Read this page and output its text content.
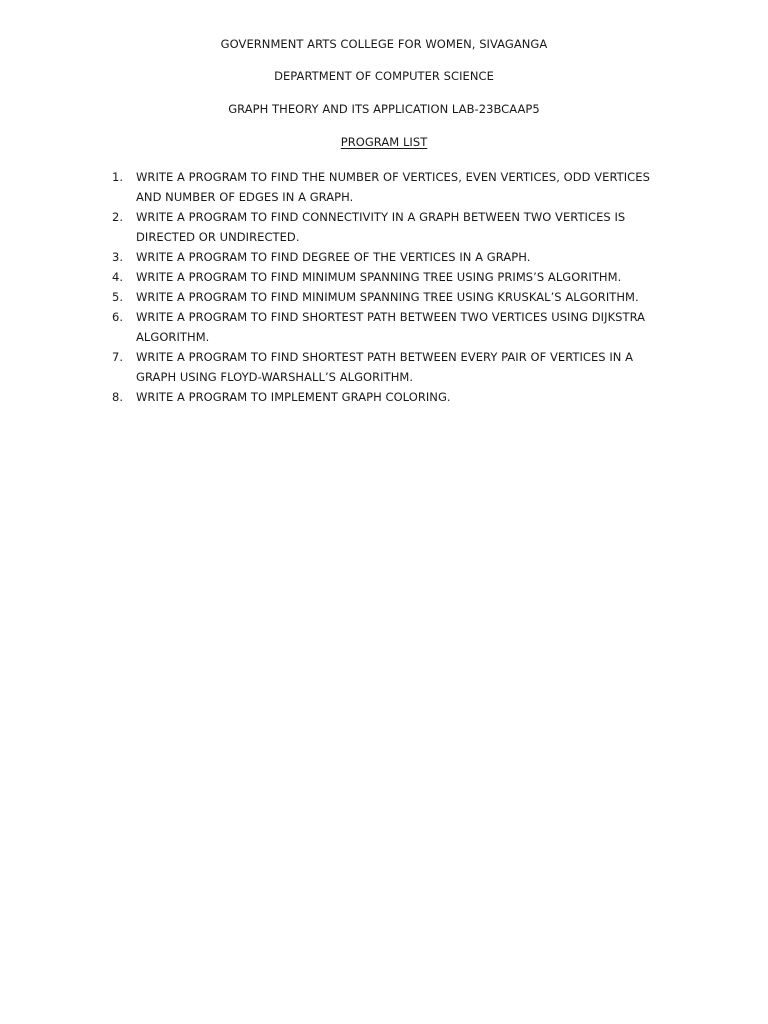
GOVERNMENT ARTS COLLEGE FOR WOMEN, SIVAGANGA
DEPARTMENT OF COMPUTER SCIENCE
GRAPH THEORY AND ITS APPLICATION LAB-23BCAAP5
PROGRAM LIST
1. WRITE A PROGRAM TO FIND THE NUMBER OF VERTICES, EVEN VERTICES, ODD VERTICES AND NUMBER OF EDGES IN A GRAPH.
2. WRITE A PROGRAM TO FIND CONNECTIVITY IN A GRAPH BETWEEN TWO VERTICES IS DIRECTED OR UNDIRECTED.
3. WRITE A PROGRAM TO FIND DEGREE OF THE VERTICES IN A GRAPH.
4. WRITE A PROGRAM TO FIND MINIMUM SPANNING TREE USING PRIMS’S ALGORITHM.
5. WRITE A PROGRAM TO FIND MINIMUM SPANNING TREE USING KRUSKAL’S ALGORITHM.
6. WRITE A PROGRAM TO FIND SHORTEST PATH BETWEEN TWO VERTICES USING DIJKSTRA ALGORITHM.
7. WRITE A PROGRAM TO FIND SHORTEST PATH BETWEEN EVERY PAIR OF VERTICES IN A GRAPH USING FLOYD-WARSHALL’S ALGORITHM.
8. WRITE A PROGRAM TO IMPLEMENT GRAPH COLORING.
